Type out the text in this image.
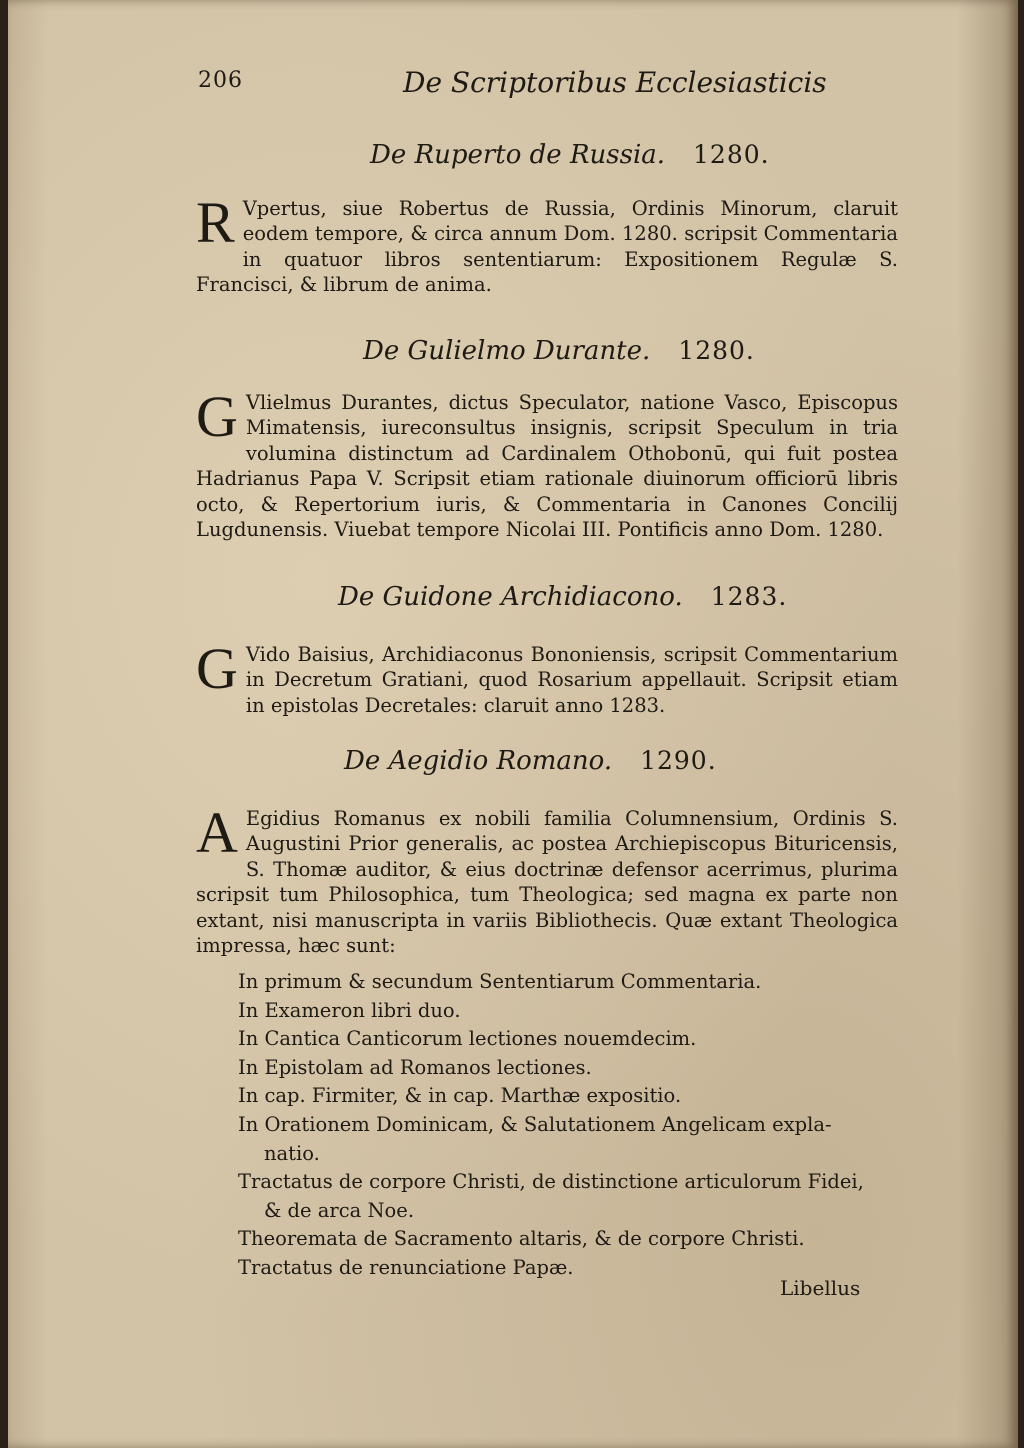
206	De Scriptoribus Ecclesiasticis
De Ruperto de Russia. 1280.
R Vpertus, siue Robertus de Russia, Ordinis Minorum, claruit eodem tempore, & circa annum Dom. 1280. scripsit Commentaria in quatuor libros sententiarum: Expositionem Regulæ S. Francisci, & librum de anima.
De Gulielmo Durante. 1280.
G Vlielmus Durantes, dictus Speculator, natione Vasco, Episcopus Mimatensis, iureconsultus insignis, scripsit Speculum in tria volumina distinctum ad Cardinalem Othobonū, qui fuit postea Hadrianus Papa V. Scripsit etiam rationale diuinorum officiorū libris octo, & Repertorium iuris, & Commentaria in Canones Concilij Lugdunensis. Viuebat tempore Nicolai III. Pontificis anno Dom. 1280.
De Guidone Archidiacono. 1283.
G Vido Baisius, Archidiaconus Bononiensis, scripsit Commentarium in Decretum Gratiani, quod Rosarium appellauit. Scripsit etiam in epistolas Decretales: claruit anno 1283.
De Aegidio Romano. 1290.
A Egidius Romanus ex nobili familia Columnensium, Ordinis S. Augustini Prior generalis, ac postea Archiepiscopus Bituricensis, S. Thomæ auditor, & eius doctrinæ defensor acerrimus, plurima scripsit tum Philosophica, tum Theologica; sed magna ex parte non extant, nisi manuscripta in variis Bibliothecis. Quæ extant Theologica impressa, hæc sunt:
In primum & secundum Sententiarum Commentaria.
In Exameron libri duo.
In Cantica Canticorum lectiones nouemdecim.
In Epistolam ad Romanos lectiones.
In cap. Firmiter, & in cap. Marthæ expositio.
In Orationem Dominicam, & Salutationem Angelicam expla-
natio.
Tractatus de corpore Christi, de distinctione articulorum Fidei,
& de arca Noe.
Theoremata de Sacramento altaris, & de corpore Christi.
Tractatus de renunciatione Papæ.
Libellus
